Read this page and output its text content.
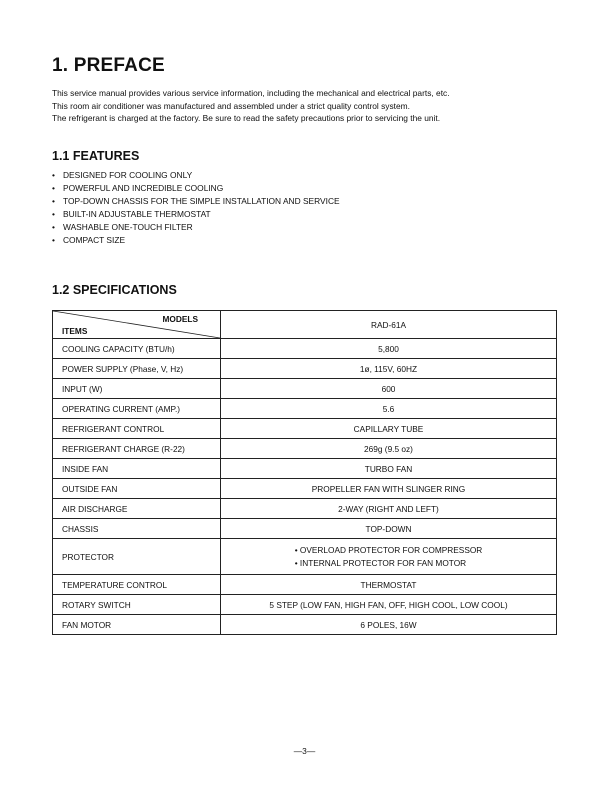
1. PREFACE
This service manual provides various service information, including the mechanical and electrical parts, etc.
This room air conditioner was manufactured and assembled under a strict quality control system.
The refrigerant is charged at the factory. Be sure to read the safety precautions prior to servicing the unit.
1.1 FEATURES
• DESIGNED FOR COOLING ONLY
• POWERFUL AND INCREDIBLE COOLING
• TOP-DOWN CHASSIS FOR THE SIMPLE INSTALLATION AND SERVICE
• BUILT-IN ADJUSTABLE THERMOSTAT
• WASHABLE ONE-TOUCH FILTER
• COMPACT SIZE
1.2 SPECIFICATIONS
MODELS
ITEMS	RAD-61A
COOLING CAPACITY (BTU/h)	5,800
POWER SUPPLY (Phase, V, Hz)	1ø, 115V, 60HZ
INPUT (W)	600
OPERATING CURRENT (AMP.)	5.6
REFRIGERANT CONTROL	CAPILLARY TUBE
REFRIGERANT CHARGE (R-22)	269g (9.5 oz)
INSIDE FAN	TURBO FAN
OUTSIDE FAN	PROPELLER FAN WITH SLINGER RING
AIR DISCHARGE	2-WAY (RIGHT AND LEFT)
CHASSIS	TOP-DOWN
PROTECTOR	• OVERLOAD PROTECTOR FOR COMPRESSOR
• INTERNAL PROTECTOR FOR FAN MOTOR

TEMPERATURE CONTROL	THERMOSTAT
ROTARY SWITCH	5 STEP (LOW FAN, HIGH FAN, OFF, HIGH COOL, LOW COOL)
FAN MOTOR	6 POLES, 16W
—3—
